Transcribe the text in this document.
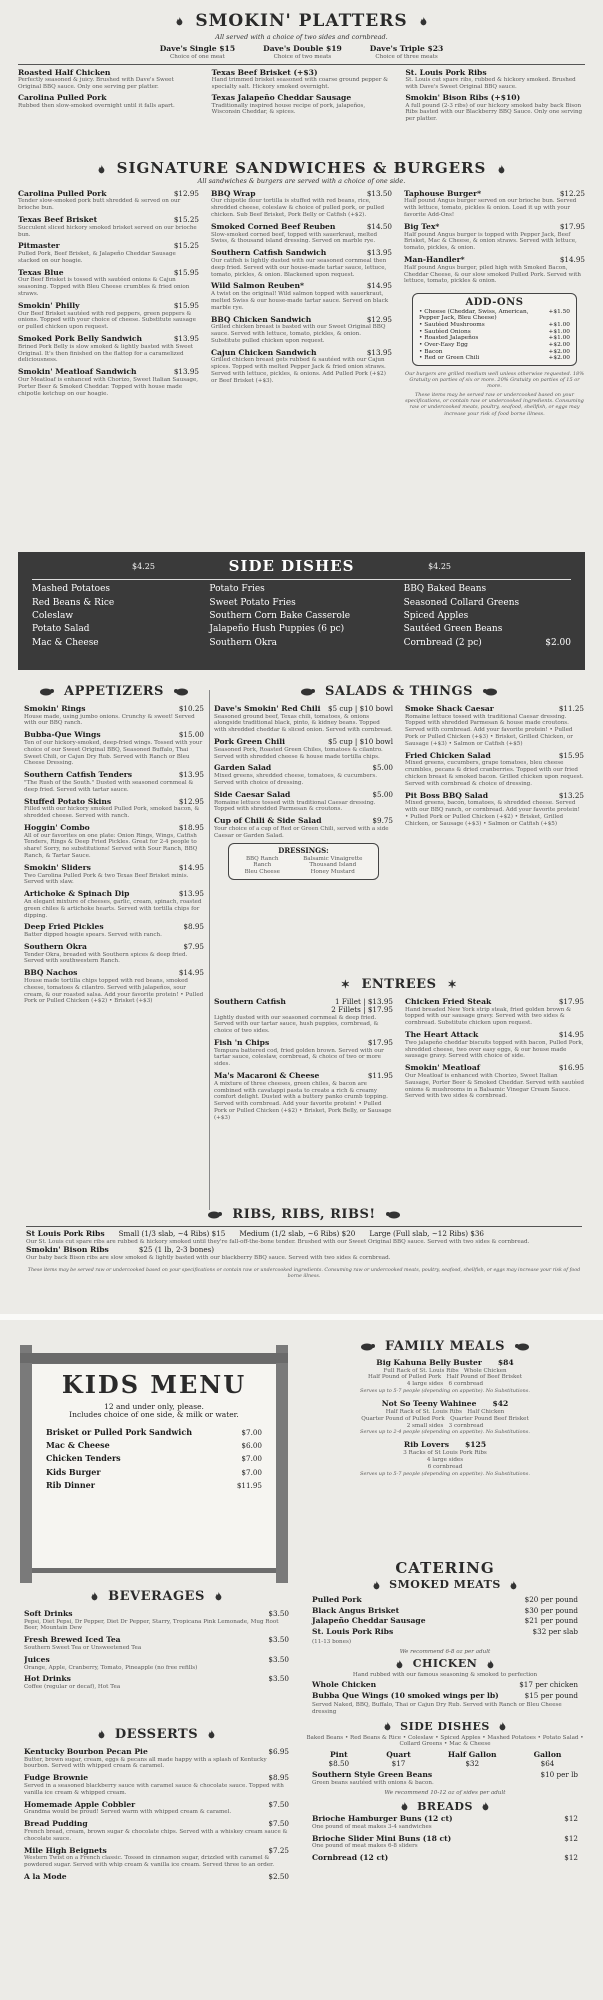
SMOKIN' PLATTERS
All served with a choice of two sides and cornbread.
Dave's Single $15
Choice of one meat
Dave's Double $19
Choice of two meats
Dave's Triple $23
Choice of three meats
Roasted Half Chicken
Perfectly seasoned & juicy. Brushed with Dave's Sweet Original BBQ sauce. Only one serving per platter.
Texas Beef Brisket (+$3)
Hand trimmed brisket seasoned with coarse ground pepper & specialty salt. Hickory smoked overnight.
St. Louis Pork Ribs
St. Louis cut spare ribs, rubbed & hickory smoked. Brushed with Dave's Sweet Original BBQ sauce.
Carolina Pulled Pork
Rubbed then slow-smoked overnight until it falls apart.
Texas Jalapeño Cheddar Sausage
Traditionally inspired house recipe of pork, jalapeños, Wisconsin Cheddar, & spices.
Smokin' Bison Ribs (+$10)
A full pound (2-3 ribs) of our hickory smoked baby back Bison Ribs basted with our Blackberry BBQ Sauce. Only one serving per platter.
SIGNATURE SANDWICHES & BURGERS
All sandwiches & burgers are served with a choice of one side.
Carolina Pulled Pork	$12.95
Tender slow-smoked pork butt shredded & served on our brioche bun.
Texas Beef Brisket	$15.25
Succulent sliced hickory smoked brisket served on our brioche bun.
Pitmaster	$15.25
Pulled Pork, Beef Brisket, & Jalapeño Cheddar Sausage stacked on our hoagie.
Texas Blue	$15.95
Our Beef Brisket is tossed with sautéed onions & Cajun seasoning. Topped with Bleu Cheese crumbles & fried onion straws.
Smokin' Philly	$15.95
Our Beef Brisket sautéed with red peppers, green peppers & onions. Topped with your choice of cheese. Substitute sausage or pulled chicken upon request.
Smoked Pork Belly Sandwich	$13.95
Brined Pork Belly is slow smoked & lightly basted with Sweet Original. It's then finished on the flattop for a caramelized deliciousness.
Smokin' Meatloaf Sandwich	$13.95
Our Meatloaf is enhanced with Chorizo, Sweet Italian Sausage, Porter Beer & Smoked Cheddar. Topped with house made chipotle ketchup on our hoagie.
BBQ Wrap	$13.50
Our chipotle flour tortilla is stuffed with red beans, rice, shredded cheese, coleslaw & choice of pulled pork, or pulled chicken. Sub Beef Brisket, Pork Belly or Catfish (+$2).
Smoked Corned Beef Reuben	$14.50
Slow-smoked corned beef, topped with sauerkraut, melted Swiss, & thousand island dressing. Served on marble rye.
Southern Catfish Sandwich	$13.95
Our catfish is lightly dusted with our seasoned cornmeal then deep fried. Served with our house-made tartar sauce, lettuce, tomato, pickles, & onion. Blackened upon request.
Wild Salmon Reuben*	$14.95
A twist on the original! Wild salmon topped with sauerkraut, melted Swiss & our house-made tartar sauce. Served on black marble rye.
BBQ Chicken Sandwich	$12.95
Grilled chicken breast is basted with our Sweet Original BBQ sauce. Served with lettuce, tomato, pickles, & onion. Substitute pulled chicken upon request.
Cajun Chicken Sandwich	$13.95
Grilled chicken breast gets rubbed & sautéed with our Cajun spices. Topped with melted Pepper Jack & fried onion straws. Served with lettuce, pickles, & onions. Add Pulled Pork (+$2) or Beef Brisket (+$3).
Taphouse Burger*	$12.25
Half pound Angus burger served on our brioche bun. Served with lettuce, tomato, pickles & onion. Load it up with your favorite Add-Ons!
Big Tex*	$17.95
Half pound Angus burger is topped with Pepper Jack, Beef Brisket, Mac & Cheese, & onion straws. Served with lettuce, tomato, pickles, & onion.
Man-Handler*	$14.95
Half pound Angus burger, piled high with Smoked Bacon, Cheddar Cheese, & our slow smoked Pulled Pork. Served with lettuce, tomato, pickles & onion.
ADD-ONS
• Cheese (Cheddar, Swiss, American, Pepper Jack, Bleu Cheese)
+$1.50
• Sautéed Mushrooms	+$1.00
• Sautéed Onions	+$1.00
• Roasted Jalapeños	+$1.00
• Over-Easy Egg	+$2.00
• Bacon	+$2.00
• Red or Green Chili	+$2.00
Our burgers are grilled medium well unless otherwise requested. 18% Gratuity on parties of six or more. 20% Gratuity on parties of 15 or more.
These items may be served raw or undercooked based on your specifications, or contain raw or undercooked ingredients. Consuming raw or undercooked meats, poultry, seafood, shellfish, or eggs may increase your risk of food borne illness.
$4.25	SIDE DISHES	$4.25
Mashed Potatoes
Red Beans & Rice
Coleslaw
Potato Salad
Mac & Cheese
Potato Fries
Sweet Potato Fries
Southern Corn Bake Casserole
Jalapeño Hush Puppies (6 pc)
Southern Okra
BBQ Baked Beans
Seasoned Collard Greens
Spiced Apples
Sautéed Green Beans
Cornbread (2 pc)	$2.00
APPETIZERS
Smokin' Rings	$10.25
House made, using jumbo onions. Crunchy & sweet! Served with our BBQ ranch.
Bubba-Que Wings	$15.00
Ten of our hickory-smoked, deep-fried wings. Tossed with your choice of our Sweet Original BBQ, Seasoned Buffalo, Thai Sweet Chili, or Cajun Dry Rub. Served with Ranch or Bleu Cheese Dressing.
Southern Catfish Tenders	$13.95
"The Rush of the South." Dusted with seasoned cornmeal & deep fried. Served with tartar sauce.
Stuffed Potato Skins	$12.95
Filled with our hickory smoked Pulled Pork, smoked bacon, & shredded cheese. Served with ranch.
Hoggin' Combo	$18.95
All of our favorites on one plate: Onion Rings, Wings, Catfish Tenders, Rings & Deep Fried Pickles. Great for 2-4 people to share! Sorry, no substitutions! Served with Sour Ranch, BBQ Ranch, & Tartar Sauce.
Smokin' Sliders	$14.95
Two Carolina Pulled Pork & two Texas Beef Brisket minis. Served with slaw.
Artichoke & Spinach Dip	$13.95
An elegant mixture of cheeses, garlic, cream, spinach, roasted green chiles & artichoke hearts. Served with tortilla chips for dipping.
Deep Fried Pickles	$8.95
Batter dipped hoagie spears. Served with ranch.
Southern Okra	$7.95
Tender Okra, breaded with Southern spices & deep fried. Served with southwestern Ranch.
BBQ Nachos	$14.95
House made tortilla chips topped with red beans, smoked cheese, tomatoes & cilantro. Served with jalapeños, sour cream, & our roasted salsa. Add your favorite protein! • Pulled Pork or Pulled Chicken (+$2) • Brisket (+$3)
SALADS & THINGS
Dave's Smokin' Red Chili $5 cup | $10 bowl
Seasoned ground beef, Texas chili, tomatoes, & onions alongside traditional black, pinto, & kidney beans. Topped with shredded cheddar & sliced onion. Served with cornbread.
Pork Green Chili	$5 cup | $10 bowl
Seasoned Pork, Roasted Green Chiles, tomatoes & cilantro. Served with shredded cheese & house made tortilla chips.
Garden Salad	$5.00
Mixed greens, shredded cheese, tomatoes, & cucumbers. Served with choice of dressing.
Side Caesar Salad	$5.00
Romaine lettuce tossed with traditional Caesar dressing. Topped with shredded Parmesan & croutons.
Cup of Chili & Side Salad	$9.75
Your choice of a cup of Red or Green Chili, served with a side Caesar or Garden Salad.
DRESSINGS:
BBQ Ranch
Ranch
Bleu Cheese
Balsamic Vinaigrette
Thousand Island
Honey Mustard
Smoke Shack Caesar	$11.25
Romaine lettuce tossed with traditional Caesar dressing. Topped with shredded Parmesan & house made croutons. Served with cornbread. Add your favorite protein! • Pulled Pork or Pulled Chicken (+$3) • Brisket, Grilled Chicken, or Sausage (+$3) • Salmon or Catfish (+$5)
Fried Chicken Salad	$15.95
Mixed greens, cucumbers, grape tomatoes, bleu cheese crumbles, pecans & dried cranberries. Topped with our fried chicken breast & smoked bacon. Grilled chicken upon request. Served with cornbread & choice of dressing.
Pit Boss BBQ Salad	$13.25
Mixed greens, bacon, tomatoes, & shredded cheese. Served with our BBQ ranch, or cornbread. Add your favorite protein! • Pulled Pork or Pulled Chicken (+$2) • Brisket, Grilled Chicken, or Sausage (+$3) • Salmon or Catfish (+$5)
✶ ENTREES ✶
Southern Catfish	1 Fillet | $13.95
2 Fillets | $17.95
Lightly dusted with our seasoned cornmeal & deep fried. Served with our tartar sauce, hush puppies, cornbread, & choice of two sides.
Fish 'n Chips	$17.95
Tempura battered cod, fried golden brown. Served with our tartar sauce, coleslaw, cornbread, & choice of two or more sides.
Ma's Macaroni & Cheese	$11.95
A mixture of three cheeses, green chiles, & bacon are combined with cavatappi pasta to create a rich & creamy comfort delight. Dusted with a buttery panko crumb topping. Served with cornbread. Add your favorite protein! • Pulled Pork or Pulled Chicken (+$2) • Brisket, Pork Belly, or Sausage (+$3)
Chicken Fried Steak	$17.95
Hand breaded New York strip steak, fried golden brown & topped with our sausage gravy. Served with two sides & cornbread. Substitute chicken upon request.
The Heart Attack	$14.95
Two jalapeño cheddar biscuits topped with bacon, Pulled Pork, shredded cheese, two over easy eggs, & our house made sausage gravy. Served with choice of side.
Smokin' Meatloaf	$16.95
Our Meatloaf is enhanced with Chorizo, Sweet Italian Sausage, Porter Beer & Smoked Cheddar. Served with sautéed onions & mushrooms in a Balsamic Vinegar Cream Sauce. Served with two sides & cornbread.
RIBS, RIBS, RIBS!
St Louis Pork Ribs Small (1/3 slab, ~4 Ribs) $15 Medium (1/2 slab, ~6 Ribs) $20 Large (Full slab, ~12 Ribs) $36
Our St. Louis cut spare ribs are rubbed & hickory smoked until they're fall-off-the-bone tender. Brushed with our Sweet Original BBQ sauce. Served with two sides & cornbread.
Smokin' Bison Ribs	$25 (1 lb, 2-3 bones)
Our baby back Bison ribs are slow smoked & lightly basted with our blackberry BBQ sauce. Served with two sides & cornbread.
These items may be served raw or undercooked based on your specifications or contain raw or undercooked ingredients. Consuming raw or undercooked meats, poultry, seafood, shellfish, or eggs may increase your risk of food borne illness.
KIDS MENU
12 and under only, please.
Includes choice of one side, & milk or water.
Brisket or Pulled Pork Sandwich	$7.00
Mac & Cheese	$6.00
Chicken Tenders	$7.00
Kids Burger	$7.00
Rib Dinner	$11.95
BEVERAGES
Soft Drinks	$3.50
Pepsi, Diet Pepsi, Dr Pepper, Diet Dr Pepper, Starry, Tropicana Pink Lemonade, Mug Root Beer, Mountain Dew
Fresh Brewed Iced Tea	$3.50
Southern Sweet Tea or Unsweetened Tea
Juices	$3.50
Orange, Apple, Cranberry, Tomato, Pineapple (no free refills)
Hot Drinks	$3.50
Coffee (regular or decaf), Hot Tea
DESSERTS
Kentucky Bourbon Pecan Pie	$6.95
Butter, brown sugar, cream, eggs & pecans all made happy with a splash of Kentucky bourbon. Served with whipped cream & caramel.
Fudge Brownie	$8.95
Served in a seasoned blackberry sauce with caramel sauce & chocolate sauce. Topped with vanilla ice cream & whipped cream.
Homemade Apple Cobbler	$7.50
Grandma would be proud! Served warm with whipped cream & caramel.
Bread Pudding	$7.50
French bread, cream, brown sugar & chocolate chips. Served with a whiskey cream sauce & chocolate sauce.
Mile High Beignets	$7.25
Western Twist on a French classic. Tossed in cinnamon sugar, drizzled with caramel & powdered sugar. Served with whip cream & vanilla ice cream. Served three to an order.
A la Mode	$2.50
FAMILY MEALS
Big Kahuna Belly Buster $84
Full Rack of St. Louis Ribs   Whole Chicken
Half Pound of Pulled Pork   Half Pound of Beef Brisket
4 large sides   6 cornbread
Serves up to 5-7 people (depending on appetite). No Substitutions.
Not So Teeny Wahinee $42
Half Rack of St. Louis Ribs   Half Chicken
Quarter Pound of Pulled Pork   Quarter Pound Beef Brisket
2 small sides   3 cornbread
Serves up to 2-4 people (depending on appetite). No Substitutions.
Rib Lovers $125
3 Racks of St Louis Pork Ribs
4 large sides
6 cornbread
Serves up to 5-7 people (depending on appetite). No Substitutions.
CATERING
SMOKED MEATS
Pulled Pork	$20 per pound
Black Angus Brisket	$30 per pound
Jalapeño Cheddar Sausage	$21 per pound
St. Louis Pork Ribs	$32 per slab
(11-13 bones)
We recommend 6-8 oz per adult
CHICKEN
Hand rubbed with our famous seasoning & smoked to perfection
Whole Chicken	$17 per chicken
Bubba Que Wings (10 smoked wings per lb)	$15 per pound
Served Naked, BBQ, Buffalo, Thai or Cajun Dry Rub. Served with Ranch or Bleu Cheese dressing
SIDE DISHES
Baked Beans • Red Beans & Rice • Coleslaw • Spiced Apples • Mashed Potatoes • Potato Salad • Collard Greens • Mac & Cheese
Pint
$8.50
Quart
$17
Half Gallon
$32
Gallon
$64
Southern Style Green Beans	$10 per lb
Green beans sautéed with onions & bacon.
We recommend 10-12 oz of sides per adult
BREADS
Brioche Hamburger Buns (12 ct)	$12
One pound of meat makes 3-4 sandwiches
Brioche Slider Mini Buns (18 ct)	$12
One pound of meat makes 6-8 sliders
Cornbread (12 ct)	$12
